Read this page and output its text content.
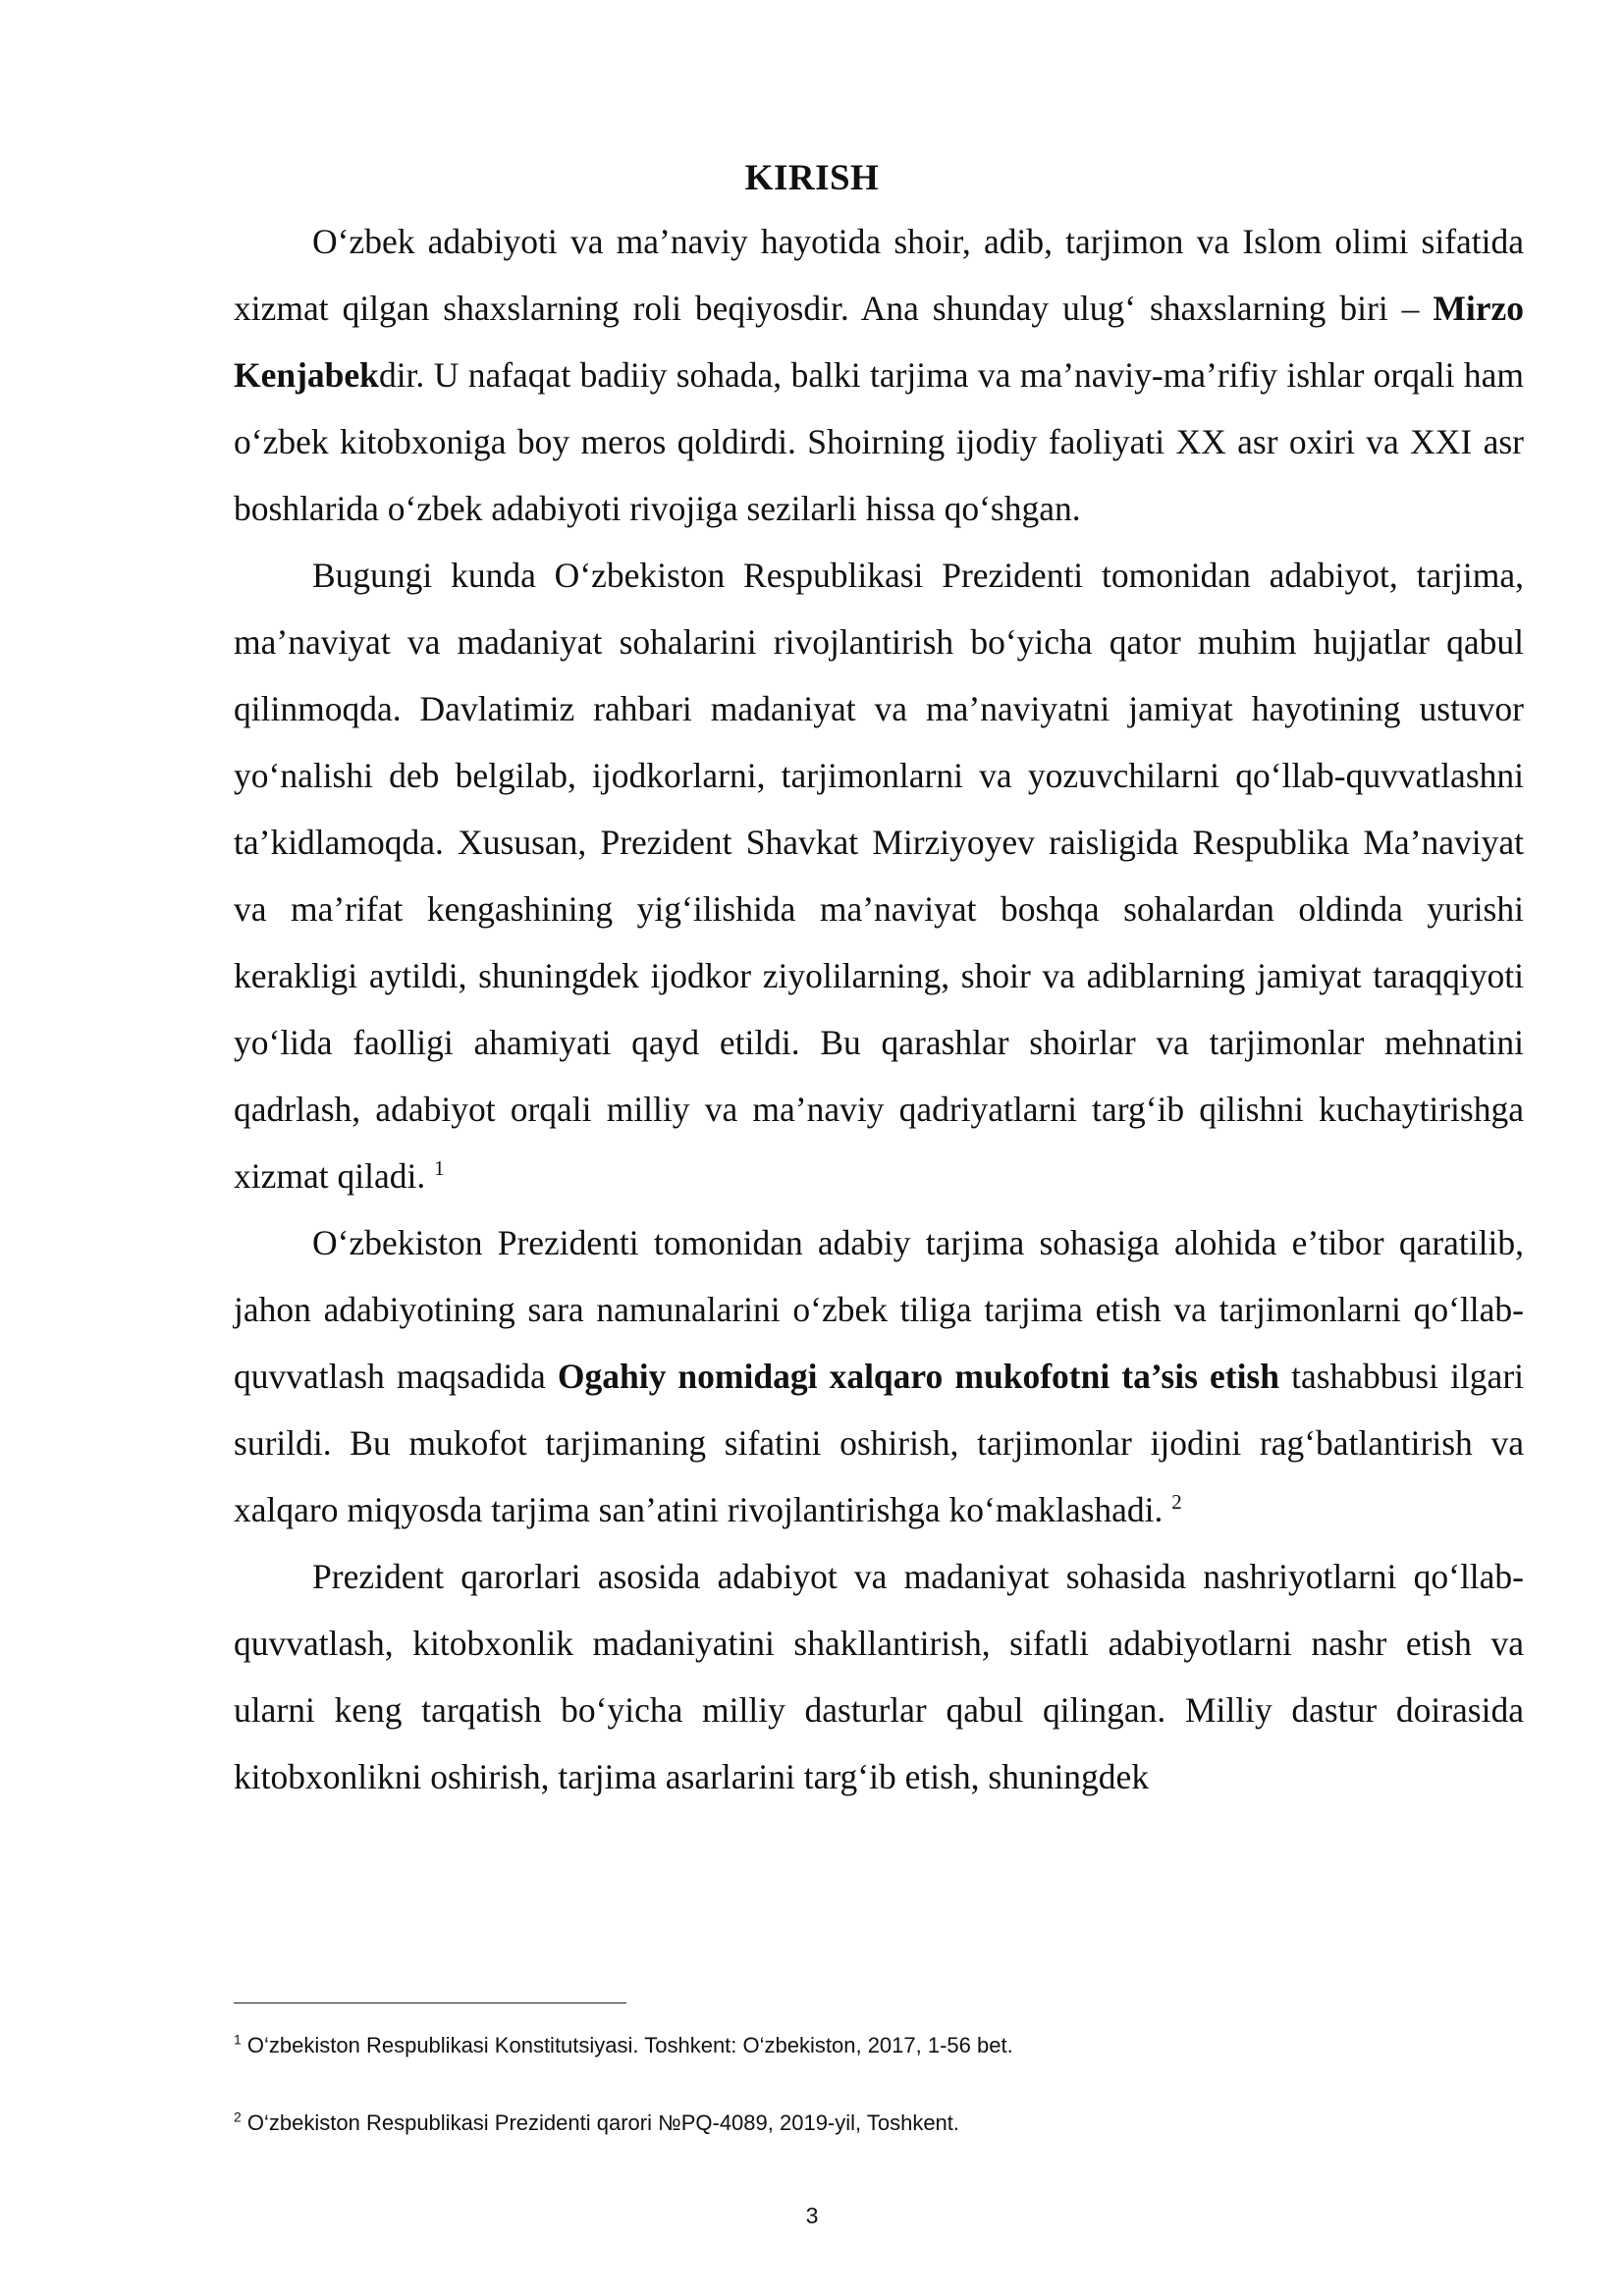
KIRISH

O‘zbek adabiyoti va ma’naviy hayotida shoir, adib, tarjimon va Islom olimi sifatida xizmat qilgan shaxslarning roli beqiyosdir. Ana shunday ulug‘ shaxslarning biri – Mirzo Kenjabekdir. U nafaqat badiiy sohada, balki tarjima va ma’naviy-ma’rifiy ishlar orqali ham o‘zbek kitobxoniga boy meros qoldirdi. Shoirning ijodiy faoliyati XX asr oxiri va XXI asr boshlarida o‘zbek adabiyoti rivojiga sezilarli hissa qo‘shgan.

Bugungi kunda O‘zbekiston Respublikasi Prezidenti tomonidan adabiyot, tarjima, ma’naviyat va madaniyat sohalarini rivojlantirish bo‘yicha qator muhim hujjatlar qabul qilinmoqda. Davlatimiz rahbari madaniyat va ma’naviyatni jamiyat hayotining ustuvor yo‘nalishi deb belgilab, ijodkorlarni, tarjimonlarni va yozuvchilarni qo‘llab-quvvatlashni ta’kidlamoqda. Xususan, Prezident Shavkat Mirziyoyev raisligida Respublika Ma’naviyat va ma’rifat kengashining yig‘ilishida ma’naviyat boshqa sohalardan oldinda yurishi kerakligi aytildi, shuningdek ijodkor ziyolilarning, shoir va adiblarning jamiyat taraqqiyoti yo‘lida faolligi ahamiyati qayd etildi. Bu qarashlar shoirlar va tarjimonlar mehnatini qadrlash, adabiyot orqali milliy va ma’naviy qadriyatlarni targ‘ib qilishni kuchaytirishga xizmat qiladi. $^1$

O‘zbekiston Prezidenti tomonidan adabiy tarjima sohasiga alohida e’tibor qaratilib, jahon adabiyotining sara namunalarini o‘zbek tiliga tarjima etish va tarjimonlarni qo‘llab-quvvatlash maqsadida Ogahiy nomidagi xalqaro mukofotni ta’sis etish tashabbusi ilgari surildi. Bu mukofot tarjimaning sifatini oshirish, tarjimonlar ijodini rag‘batlantirish va xalqaro miqyosda tarjima san’atini rivojlantirishga ko‘maklashadi. $^2$

Prezident qarorlari asosida adabiyot va madaniyat sohasida nashriyotlarni qo‘llab-quvvatlash, kitobxonlik madaniyatini shakllantirish, sifatli adabiyotlarni nashr etish va ularni keng tarqatish bo‘yicha milliy dasturlar qabul qilingan. Milliy dastur doirasida kitobxonlikni oshirish, tarjima asarlarini targ‘ib etish, shuningdek

$^1$ O‘zbekiston Respublikasi Konstitutsiyasi. Toshkent: O‘zbekiston, 2017, 1-56 bet.
$^2$ O‘zbekiston Respublikasi Prezidenti qarori №PQ-4089, 2019-yil, Toshkent.
3
